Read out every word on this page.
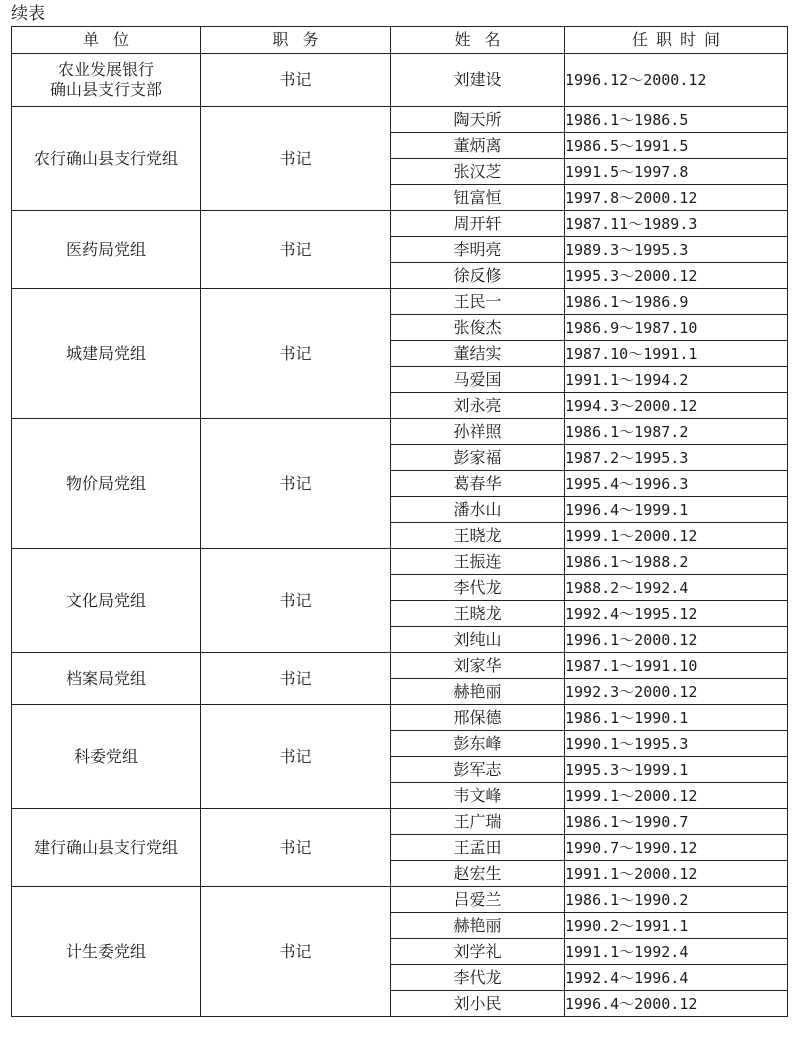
续表
单位	职务	姓名	任职时间

农业发展银行
确山县支行支部	书记	刘建设	1996.12～2000.12

农行确山县支行党组	书记	陶天所	1986.1～1986.5
		董炳离	1986.5～1991.5
		张汉芝	1991.5～1997.8
		钮富恒	1997.8～2000.12

医药局党组	书记	周开轩	1987.11～1989.3
		李明亮	1989.3～1995.3
		徐反修	1995.3～2000.12

城建局党组	书记	王民一	1986.1～1986.9
		张俊杰	1986.9～1987.10
		董结实	1987.10～1991.1
		马爱国	1991.1～1994.2
		刘永亮	1994.3～2000.12

物价局党组	书记	孙祥照	1986.1～1987.2
		彭家福	1987.2～1995.3
		葛春华	1995.4～1996.3
		潘水山	1996.4～1999.1
		王晓龙	1999.1～2000.12

文化局党组	书记	王振连	1986.1～1988.2
		李代龙	1988.2～1992.4
		王晓龙	1992.4～1995.12
		刘纯山	1996.1～2000.12

档案局党组	书记	刘家华	1987.1～1991.10
		赫艳丽	1992.3～2000.12

科委党组	书记	邢保德	1986.1～1990.1
		彭东峰	1990.1～1995.3
		彭军志	1995.3～1999.1
		韦文峰	1999.1～2000.12

建行确山县支行党组	书记	王广瑞	1986.1～1990.7
		王孟田	1990.7～1990.12
		赵宏生	1991.1～2000.12

计生委党组	书记	吕爱兰	1986.1～1990.2
		赫艳丽	1990.2～1991.1
		刘学礼	1991.1～1992.4
		李代龙	1992.4～1996.4
		刘小民	1996.4～2000.12
